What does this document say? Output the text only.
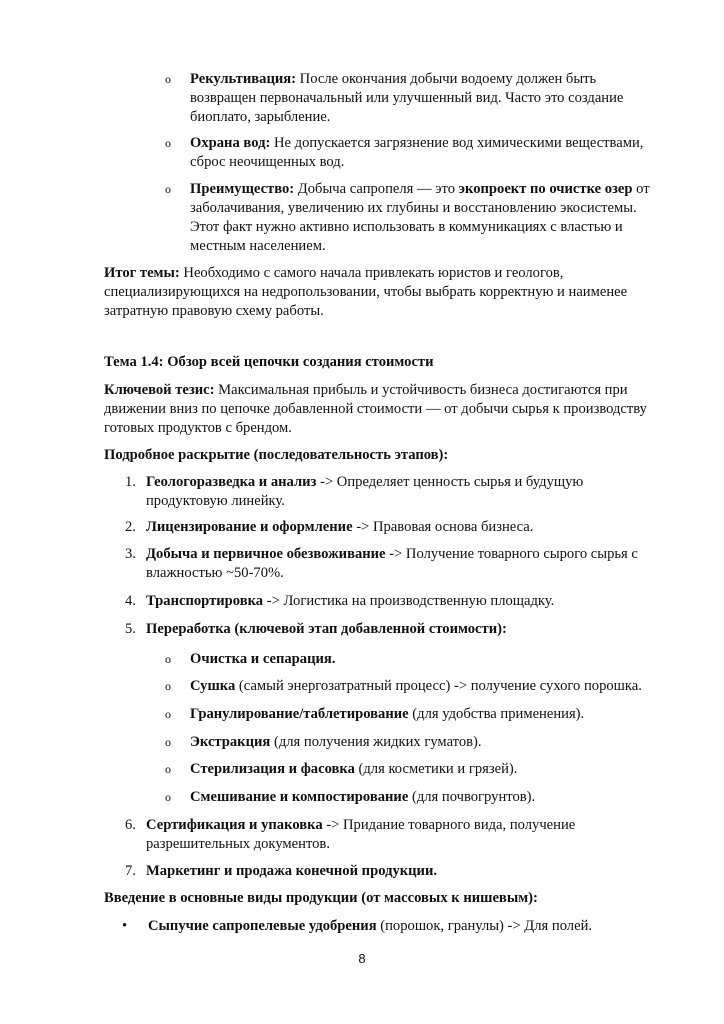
o Рекультивация: После окончания добычи водоему должен быть возвращен первоначальный или улучшенный вид. Часто это создание биоплато, зарыбление.

o Охрана вод: Не допускается загрязнение вод химическими веществами, сброс неочищенных вод.

o Преимущество: Добыча сапропеля — это экопроект по очистке озер от заболачивания, увеличению их глубины и восстановлению экосистемы. Этот факт нужно активно использовать в коммуникациях с властью и местным населением.

Итог темы: Необходимо с самого начала привлекать юристов и геологов, специализирующихся на недропользовании, чтобы выбрать корректную и наименее затратную правовую схему работы.

Тема 1.4: Обзор всей цепочки создания стоимости

Ключевой тезис: Максимальная прибыль и устойчивость бизнеса достигаются при движении вниз по цепочке добавленной стоимости — от добычи сырья к производству готовых продуктов с брендом.

Подробное раскрытие (последовательность этапов):

1. Геологоразведка и анализ -> Определяет ценность сырья и будущую продуктовую линейку.

2. Лицензирование и оформление -> Правовая основа бизнеса.

3. Добыча и первичное обезвоживание -> Получение товарного сырого сырья с влажностью ~50-70%.

4. Транспортировка -> Логистика на производственную площадку.

5. Переработка (ключевой этап добавленной стоимости):

o Очистка и сепарация.

o Сушка (самый энергозатратный процесс) -> получение сухого порошка.

o Гранулирование/таблетирование (для удобства применения).

o Экстракция (для получения жидких гуматов).

o Стерилизация и фасовка (для косметики и грязей).

o Смешивание и компостирование (для почвогрунтов).

6. Сертификация и упаковка -> Придание товарного вида, получение разрешительных документов.

7. Маркетинг и продажа конечной продукции.

Введение в основные виды продукции (от массовых к нишевым):

• Сыпучие сапропелевые удобрения (порошок, гранулы) -> Для полей.

8
